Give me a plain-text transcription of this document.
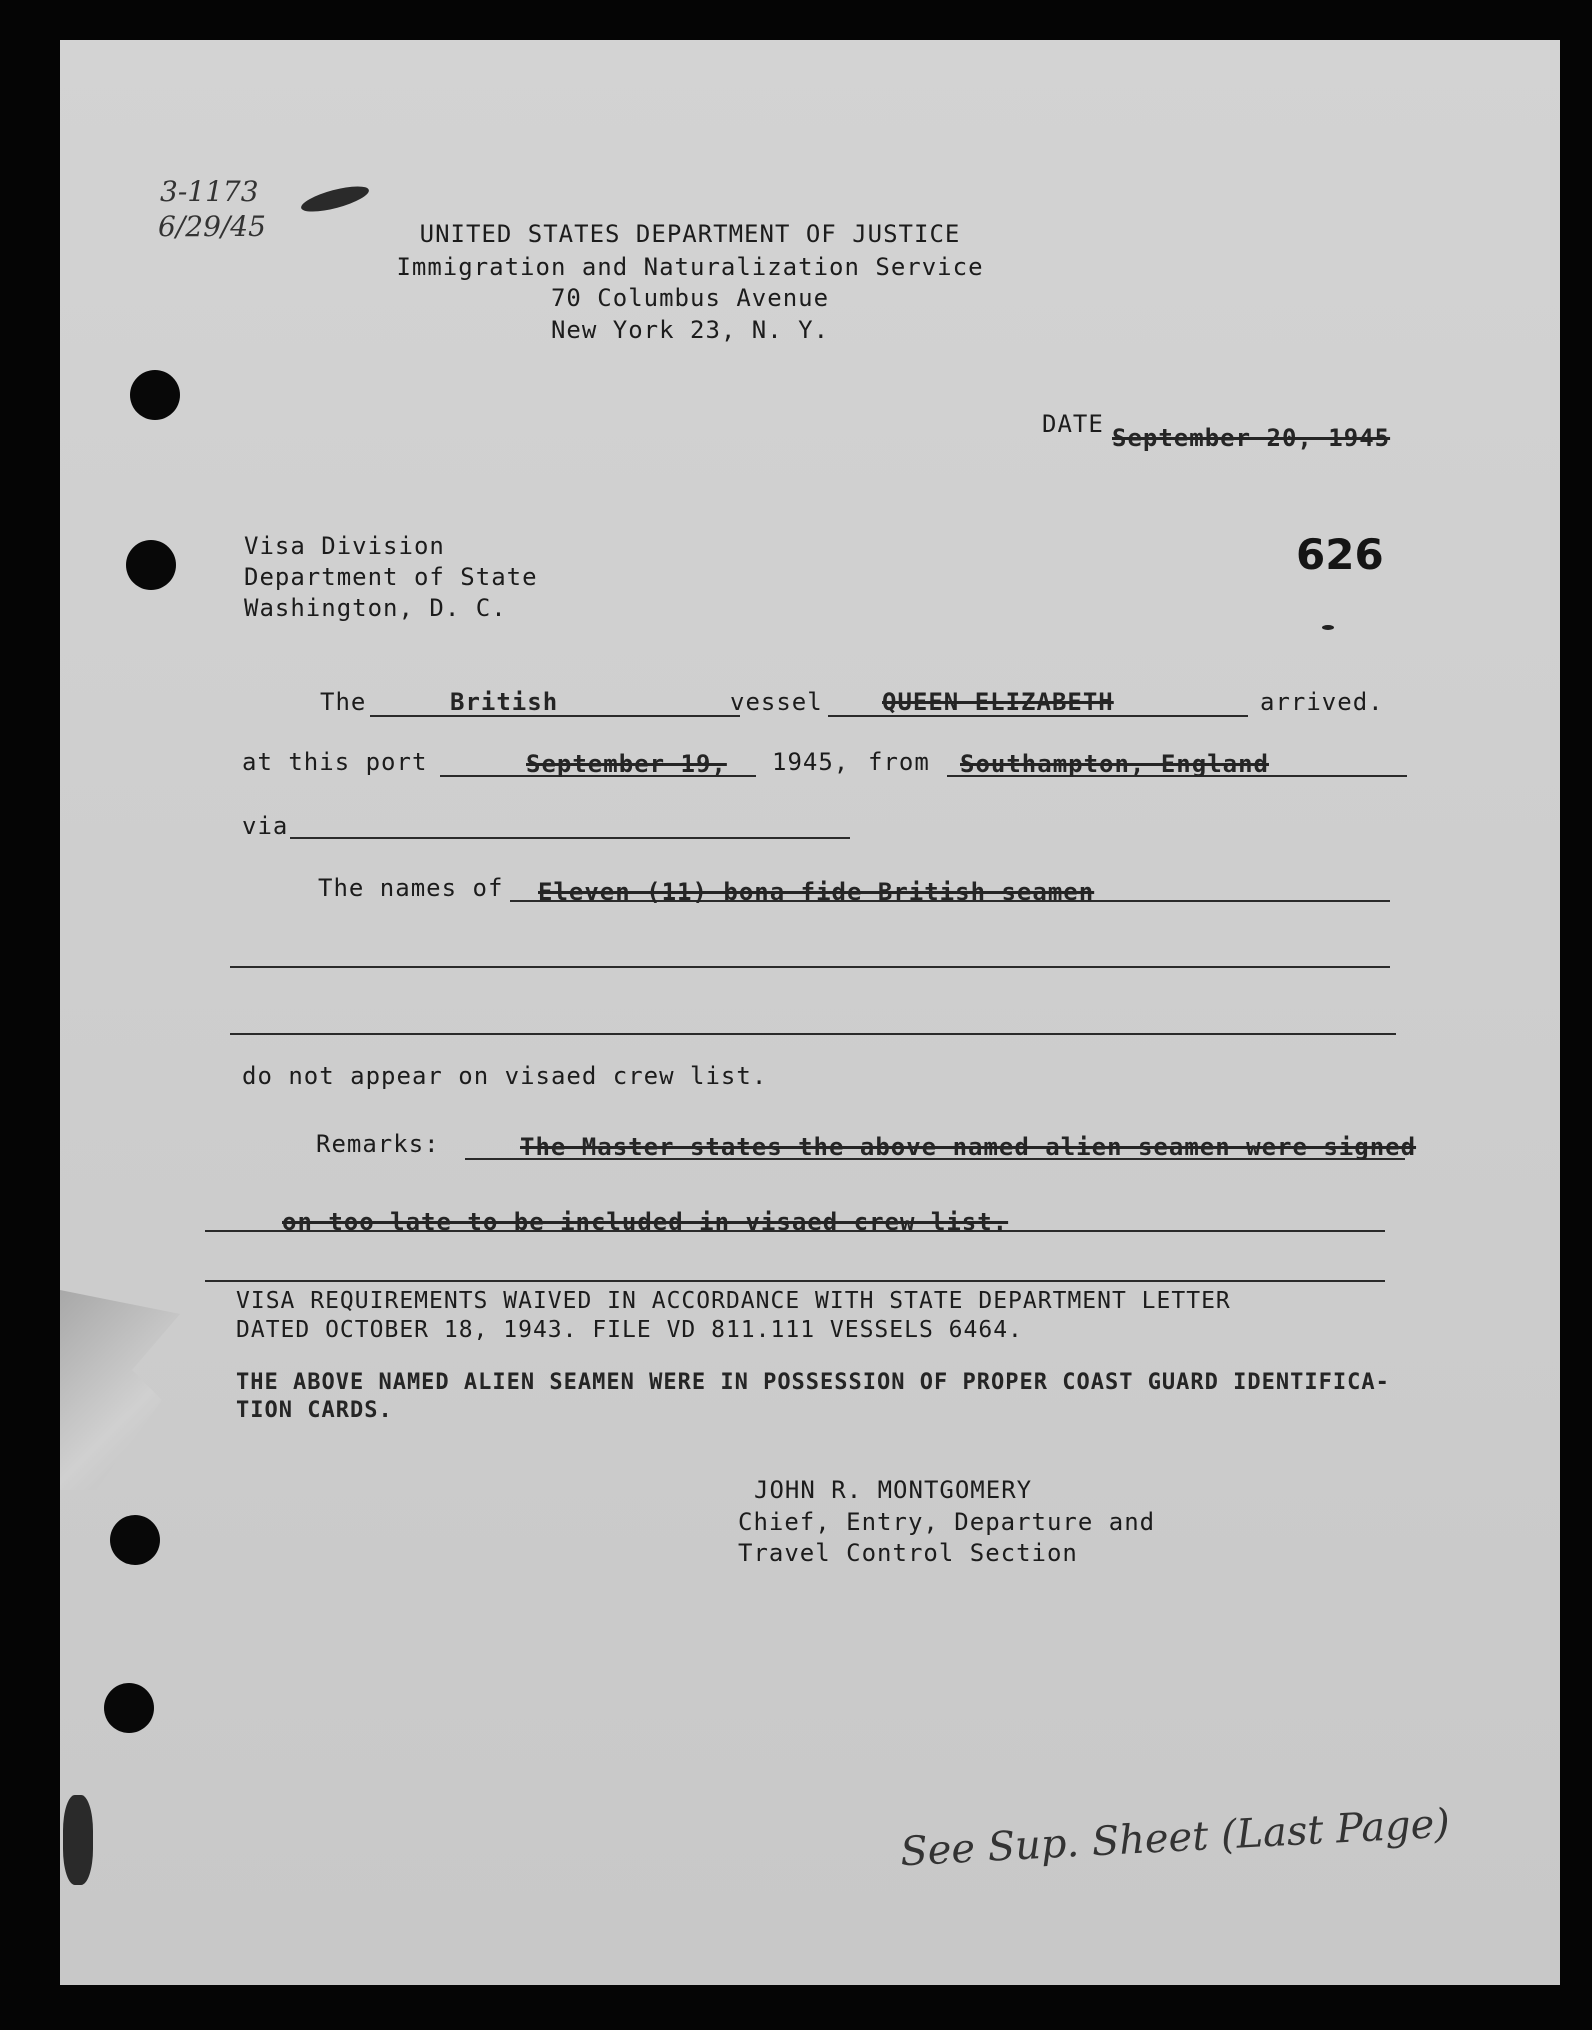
3-1173
6/29/45	UNITED STATES DEPARTMENT OF JUSTICE
Immigration and Naturalization Service
70 Columbus Avenue
New York 23, N. Y.
DATE September 20, 1945
Visa Division
Department of State
Washington, D. C.
626
The	British	vessel QUEEN ELIZABETH	arrived.
at this port	September 19, 1945, from Southampton, England
via
The names of Eleven (11) bona fide British seamen
do not appear on visaed crew list.
Remarks:	The Master states the above named alien seamen were signed
on too late to be included in visaed crew list.
VISA REQUIREMENTS WAIVED IN ACCORDANCE WITH STATE DEPARTMENT LETTER
DATED OCTOBER 18, 1943. FILE VD 811.111 VESSELS 6464.
THE ABOVE NAMED ALIEN SEAMEN WERE IN POSSESSION OF PROPER COAST GUARD IDENTIFICA-
TION CARDS.
JOHN R. MONTGOMERY
Chief, Entry, Departure and
Travel Control Section
See Sup. Sheet (Last Page)
